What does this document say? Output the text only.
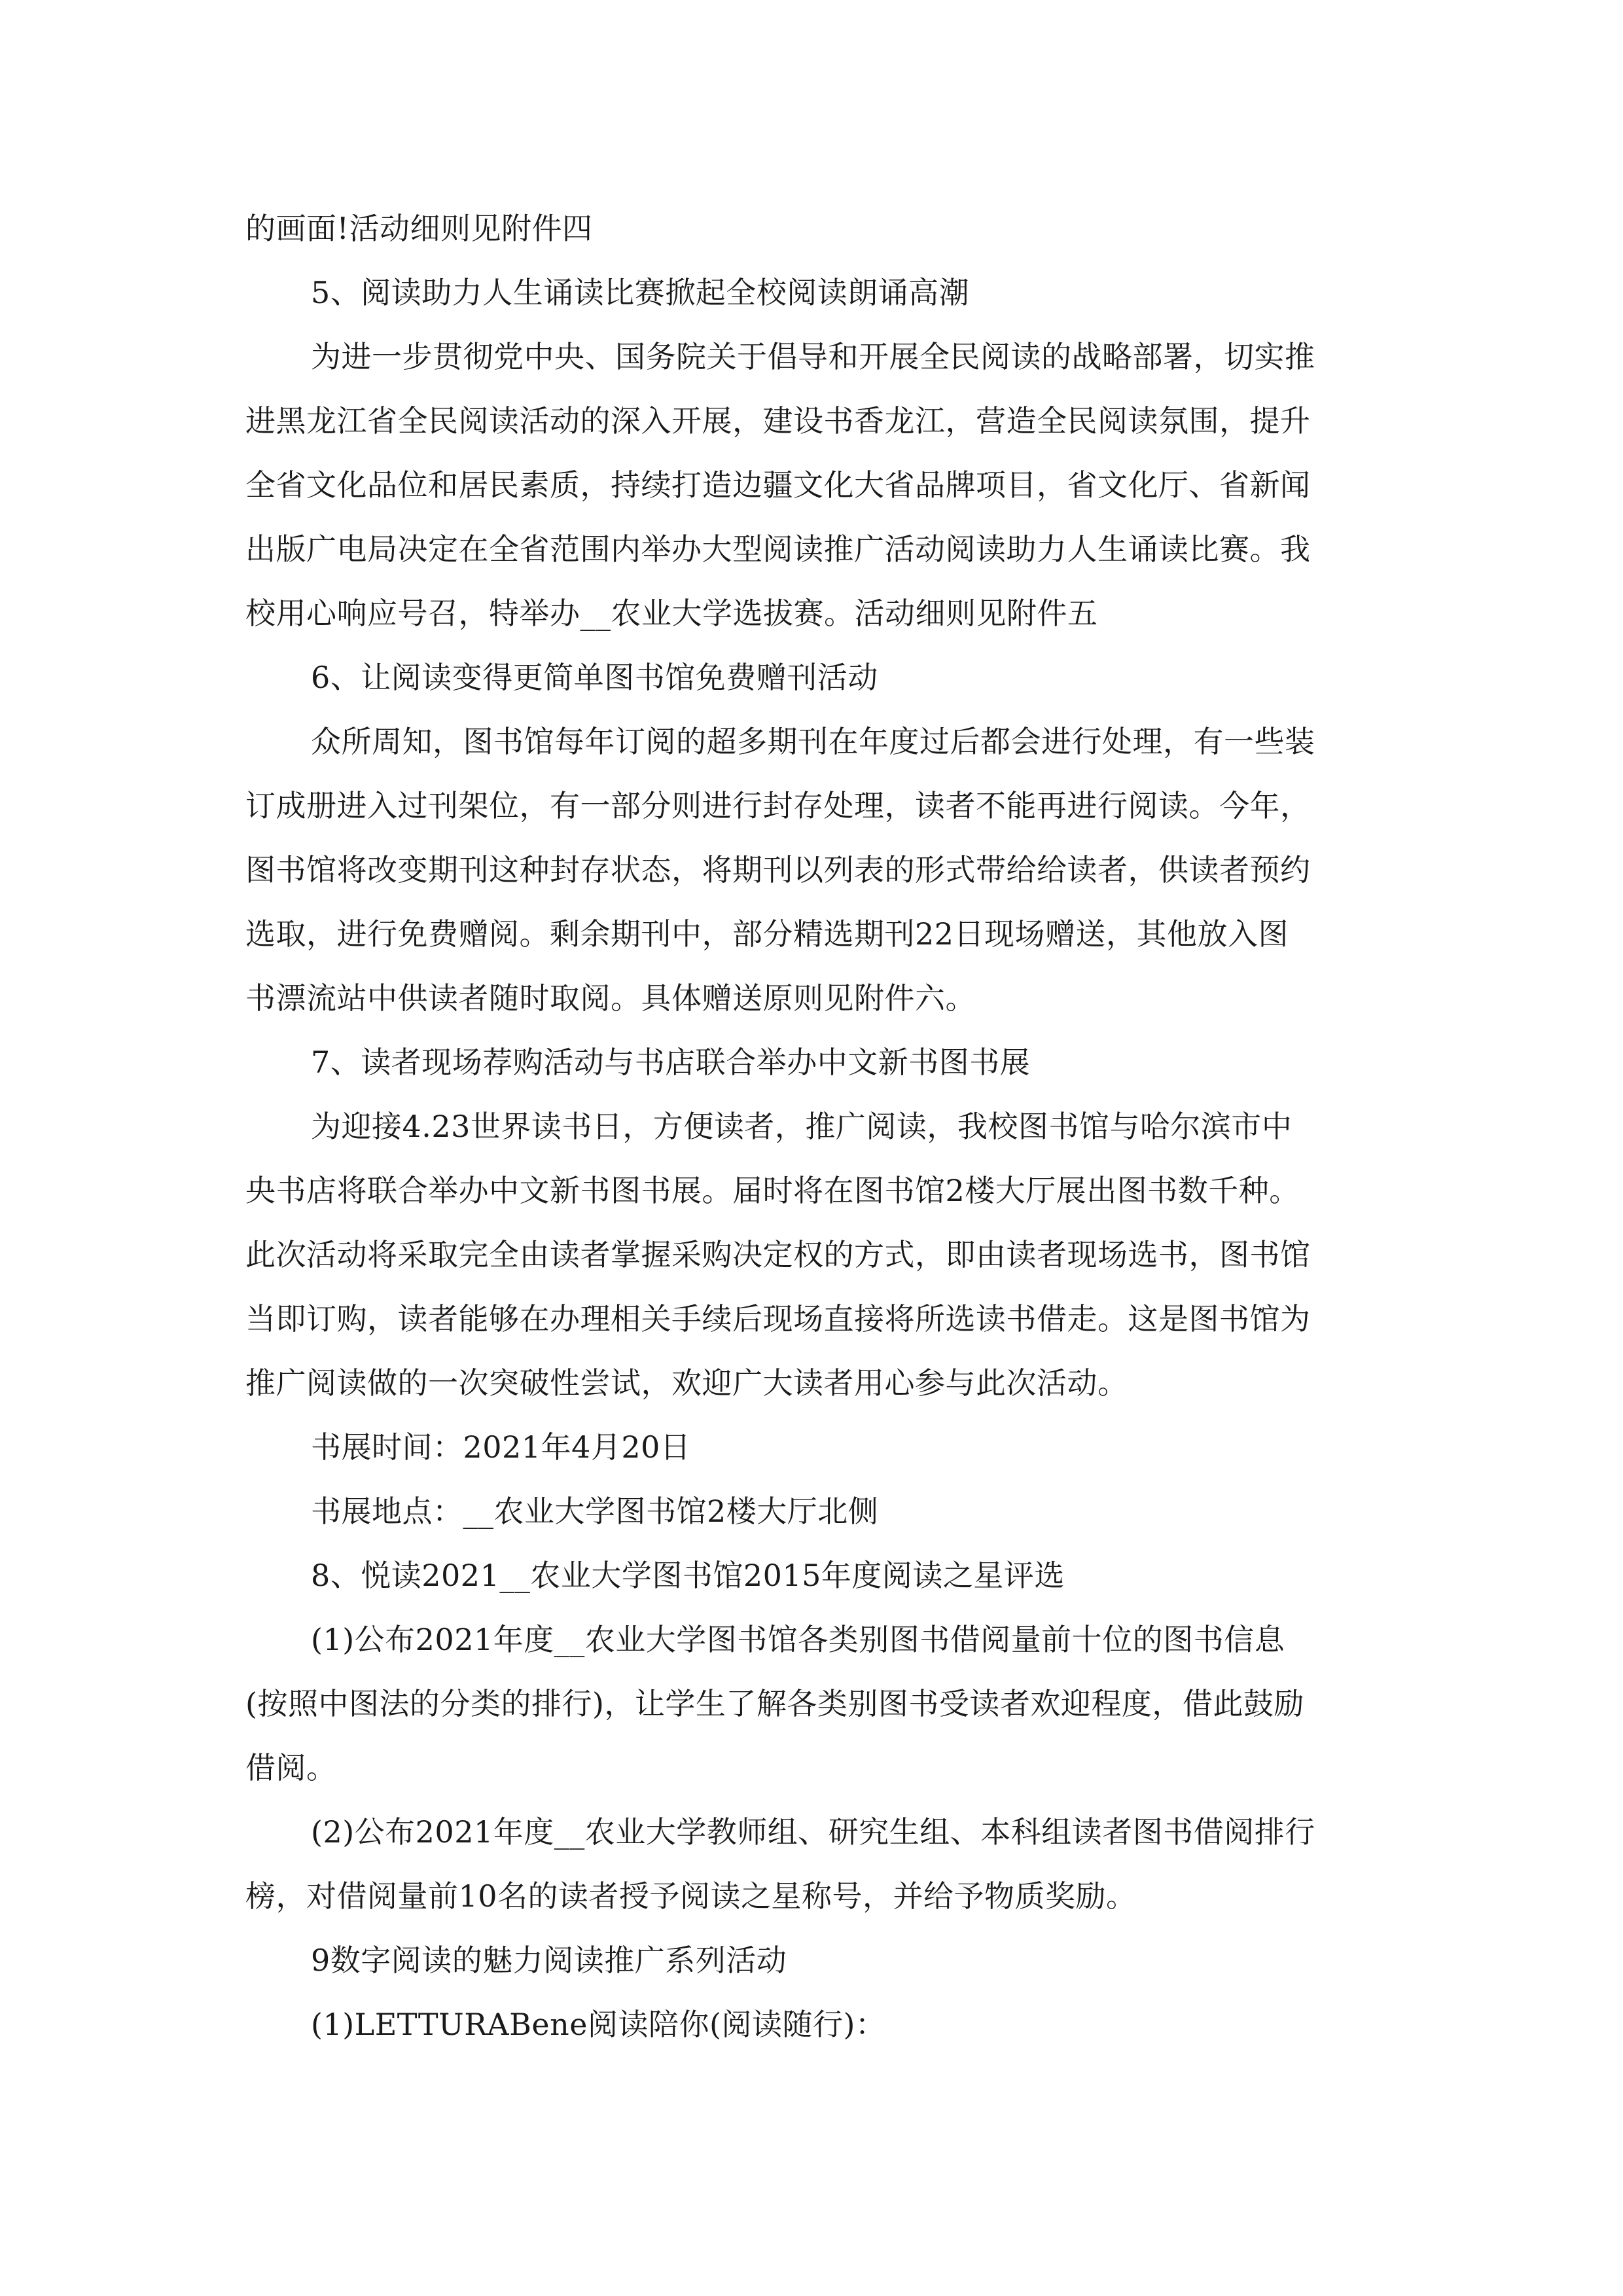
的画面!活动细则见附件四
5、阅读助力人生诵读比赛掀起全校阅读朗诵高潮
为进一步贯彻党中央、国务院关于倡导和开展全民阅读的战略部署，切实推
进黑龙江省全民阅读活动的深入开展，建设书香龙江，营造全民阅读氛围，提升
全省文化品位和居民素质，持续打造边疆文化大省品牌项目，省文化厅、省新闻
出版广电局决定在全省范围内举办大型阅读推广活动阅读助力人生诵读比赛。我
校用心响应号召，特举办__农业大学选拔赛。活动细则见附件五
6、让阅读变得更简单图书馆免费赠刊活动
众所周知，图书馆每年订阅的超多期刊在年度过后都会进行处理，有一些装
订成册进入过刊架位，有一部分则进行封存处理，读者不能再进行阅读。今年，
图书馆将改变期刊这种封存状态，将期刊以列表的形式带给给读者，供读者预约
选取，进行免费赠阅。剩余期刊中，部分精选期刊22日现场赠送，其他放入图
书漂流站中供读者随时取阅。具体赠送原则见附件六。
7、读者现场荐购活动与书店联合举办中文新书图书展
为迎接4.23世界读书日，方便读者，推广阅读，我校图书馆与哈尔滨市中
央书店将联合举办中文新书图书展。届时将在图书馆2楼大厅展出图书数千种。
此次活动将采取完全由读者掌握采购决定权的方式，即由读者现场选书，图书馆
当即订购，读者能够在办理相关手续后现场直接将所选读书借走。这是图书馆为
推广阅读做的一次突破性尝试，欢迎广大读者用心参与此次活动。
书展时间：2021年4月20日
书展地点：__农业大学图书馆2楼大厅北侧
8、悦读2021__农业大学图书馆2015年度阅读之星评选
(1)公布2021年度__农业大学图书馆各类别图书借阅量前十位的图书信息
(按照中图法的分类的排行)，让学生了解各类别图书受读者欢迎程度，借此鼓励
借阅。
(2)公布2021年度__农业大学教师组、研究生组、本科组读者图书借阅排行
榜，对借阅量前10名的读者授予阅读之星称号，并给予物质奖励。
9数字阅读的魅力阅读推广系列活动
(1)LETTURABene阅读陪你(阅读随行)：
